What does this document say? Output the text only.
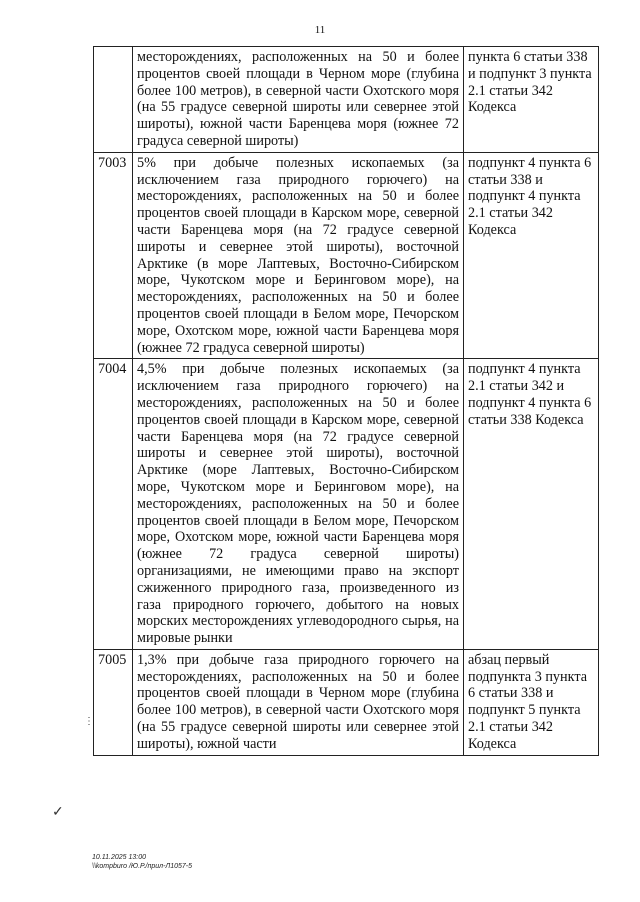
11

	месторождениях, расположенных на 50 и более процентов своей площади в Черном море (глубина более 100 метров), в северной части Охотского моря (на 55 градусе северной широты или севернее этой широты), южной части Баренцева моря (южнее 72 градуса северной широты)	пункта 6 статьи 338 и подпункт 3 пункта 2.1 статьи 342 Кодекса

7003	5% при добыче полезных ископаемых (за исключением газа природного горючего) на месторождениях, расположенных на 50 и более процентов своей площади в Карском море, северной части Баренцева моря (на 72 градусе северной широты и севернее этой широты), восточной Арктике (в море Лаптевых, Восточно-Сибирском море, Чукотском море и Беринговом море), на месторождениях, расположенных на 50 и более процентов своей площади в Белом море, Печорском море, Охотском море, южной части Баренцева моря (южнее 72 градуса северной широты)	подпункт 4 пункта 6 статьи 338 и подпункт 4 пункта 2.1 статьи 342 Кодекса

7004	4,5% при добыче полезных ископаемых (за исключением газа природного горючего) на месторождениях, расположенных на 50 и более процентов своей площади в Карском море, северной части Баренцева моря (на 72 градусе северной широты и севернее этой широты), восточной Арктике (море Лаптевых, Восточно-Сибирском море, Чукотском море и Беринговом море), на месторождениях, расположенных на 50 и более процентов своей площади в Белом море, Печорском море, Охотском море, южной части Баренцева моря (южнее 72 градуса северной широты) организациями, не имеющими право на экспорт сжиженного природного газа, произведенного из газа природного горючего, добытого на новых морских месторождениях углеводородного сырья, на мировые рынки	подпункт 4 пункта 2.1 статьи 342 и подпункт 4 пункта 6 статьи 338 Кодекса

7005	1,3% при добыче газа природного горючего на месторождениях, расположенных на 50 и более процентов своей площади в Черном море (глубина более 100 метров), в северной части Охотского моря (на 55 градусе северной широты или севернее этой широты), южной части	абзац первый подпункта 3 пункта 6 статьи 338 и подпункт 5 пункта 2.1 статьи 342 Кодекса

⋮
✓
10.11.2025 13:00
\\kompburo /Ю.Р./прил-Л1057-5
